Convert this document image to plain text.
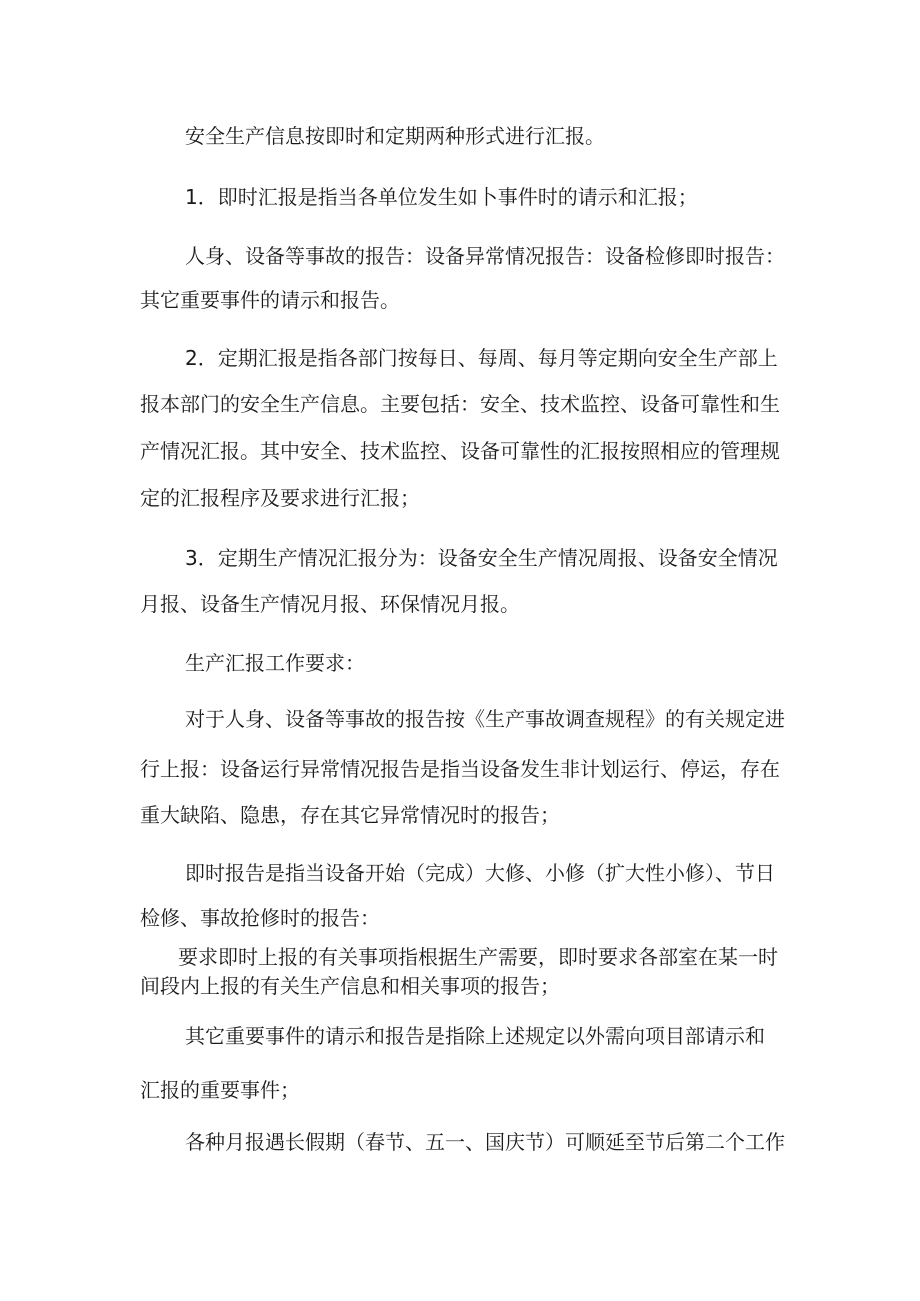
安全生产信息按即时和定期两种形式进行汇报。
1．即时汇报是指当各单位发生如卜事件时的请示和汇报；
人身、设备等事故的报告：设备异常情况报告：设备检修即时报告：
其它重要事件的请示和报告。
2．定期汇报是指各部门按每日、每周、每月等定期向安全生产部上
报本部门的安全生产信息。主要包括：安全、技术监控、设备可靠性和生
产情况汇报。其中安全、技术监控、设备可靠性的汇报按照相应的管理规
定的汇报程序及要求进行汇报；
3．定期生产情况汇报分为：设备安全生产情况周报、设备安全情况
月报、设备生产情况月报、环保情况月报。
生产汇报工作要求：
对于人身、设备等事故的报告按《生产事故调查规程》的有关规定进
行上报：设备运行异常情况报告是指当设备发生非计划运行、停运，存在
重大缺陷、隐患，存在其它异常情况时的报告；
即时报告是指当设备开始（完成）大修、小修（扩大性小修）、节日
检修、事故抢修时的报告：
要求即时上报的有关事项指根据生产需要，即时要求各部室在某一时
间段内上报的有关生产信息和相关事项的报告；
其它重要事件的请示和报告是指除上述规定以外需向项目部请示和
汇报的重要事件；
各种月报遇长假期（春节、五一、国庆节）可顺延至节后第二个工作
